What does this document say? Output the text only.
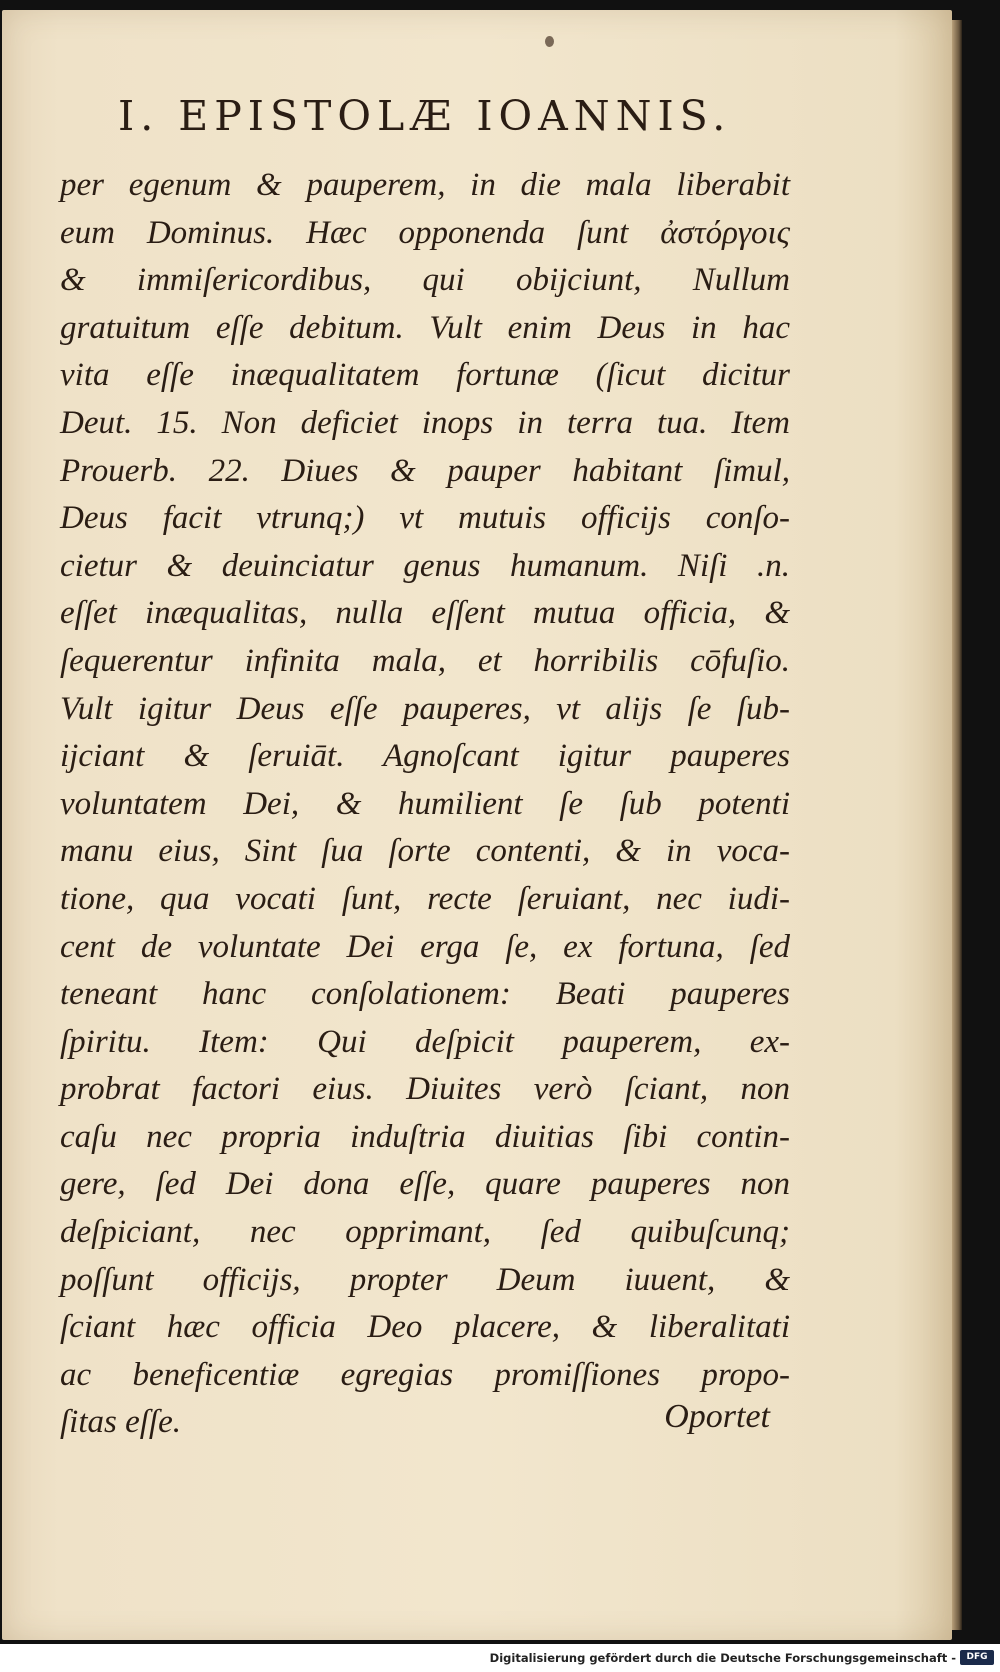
I. EPISTOLÆ IOANNIS.
per egenum & pauperem, in die mala liberabit
eum Dominus. Hæc opponenda ſunt ἀστόργοις
& immiſericordibus, qui obijciunt, Nullum
gratuitum eſſe debitum. Vult enim Deus in hac
vita eſſe inæqualitatem fortunæ (ſicut dicitur
Deut. 15. Non deficiet inops in terra tua. Item
Prouerb. 22. Diues & pauper habitant ſimul,
Deus facit vtrunq;) vt mutuis officijs conſo-
cietur & deuinciatur genus humanum. Niſi .n.
eſſet inæqualitas, nulla eſſent mutua officia, &
ſequerentur infinita mala, et horribilis cōfuſio.
Vult igitur Deus eſſe pauperes, vt alijs ſe ſub-
ijciant & ſeruiāt. Agnoſcant igitur pauperes
voluntatem Dei, & humilient ſe ſub potenti
manu eius, Sint ſua ſorte contenti, & in voca-
tione, qua vocati ſunt, recte ſeruiant, nec iudi-
cent de voluntate Dei erga ſe, ex fortuna, ſed
teneant hanc conſolationem: Beati pauperes
ſpiritu. Item: Qui deſpicit pauperem, ex-
probrat factori eius. Diuites verò ſciant, non
caſu nec propria induſtria diuitias ſibi contin-
gere, ſed Dei dona eſſe, quare pauperes non
deſpiciant, nec opprimant, ſed quibuſcunq;
poſſunt officijs, propter Deum iuuent, &
ſciant hæc officia Deo placere, & liberalitati
ac beneficentiæ egregias promiſſiones propo-
ſitas eſſe.	Oportet

Digitalisierung gefördert durch die Deutsche Forschungsgemeinschaft -	DFG
